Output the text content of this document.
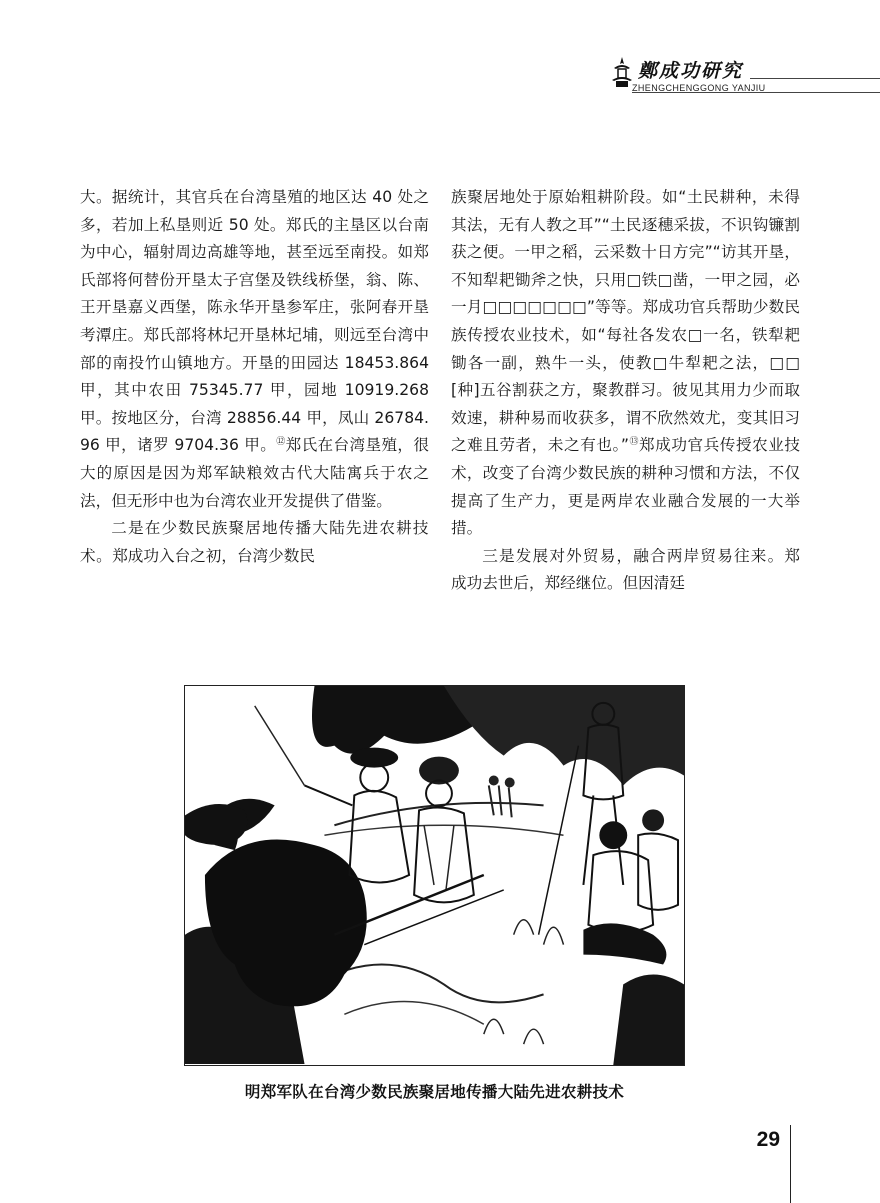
鄭成功研究
ZHENGCHENGGONG YANJIU

大。据统计，其官兵在台湾垦殖的地区达 40 处之多，若加上私垦则近 50 处。郑氏的主垦区以台南为中心，辐射周边高雄等地，甚至远至南投。如郑氏部将何替份开垦太子宫堡及铁线桥堡，翁、陈、王开垦嘉义西堡，陈永华开垦参军庄，张阿春开垦考潭庄。郑氏部将林圮开垦林圮埔，则远至台湾中部的南投竹山镇地方。开垦的田园达 18453.864 甲，其中农田 75345.77 甲，园地 10919.268 甲。按地区分，台湾 28856.44 甲，凤山 26784.96 甲，诸罗 9704.36 甲。⑫郑氏在台湾垦殖，很大的原因是因为郑军缺粮效古代大陆寓兵于农之法，但无形中也为台湾农业开发提供了借鉴。

二是在少数民族聚居地传播大陆先进农耕技术。郑成功入台之初，台湾少数民

族聚居地处于原始粗耕阶段。如“土民耕种，未得其法，无有人教之耳”“土民逐穗采拔，不识钩镰割获之便。一甲之稻，云采数十日方完”“访其开垦，不知犁耙锄斧之快，只用□铁□凿，一甲之园，必一月□□□□□□□”等等。郑成功官兵帮助少数民族传授农业技术，如“每社各发农□一名，铁犁耙锄各一副，熟牛一头，使教□牛犁耙之法，□□[种]五谷割获之方，聚教群习。彼见其用力少而取效速，耕种易而收获多，谓不欣然效尤，变其旧习之难且劳者，未之有也。”⑬郑成功官兵传授农业技术，改变了台湾少数民族的耕种习惯和方法，不仅提高了生产力，更是两岸农业融合发展的一大举措。

三是发展对外贸易，融合两岸贸易往来。郑成功去世后，郑经继位。但因清廷

明郑军队在台湾少数民族聚居地传播大陆先进农耕技术
29
